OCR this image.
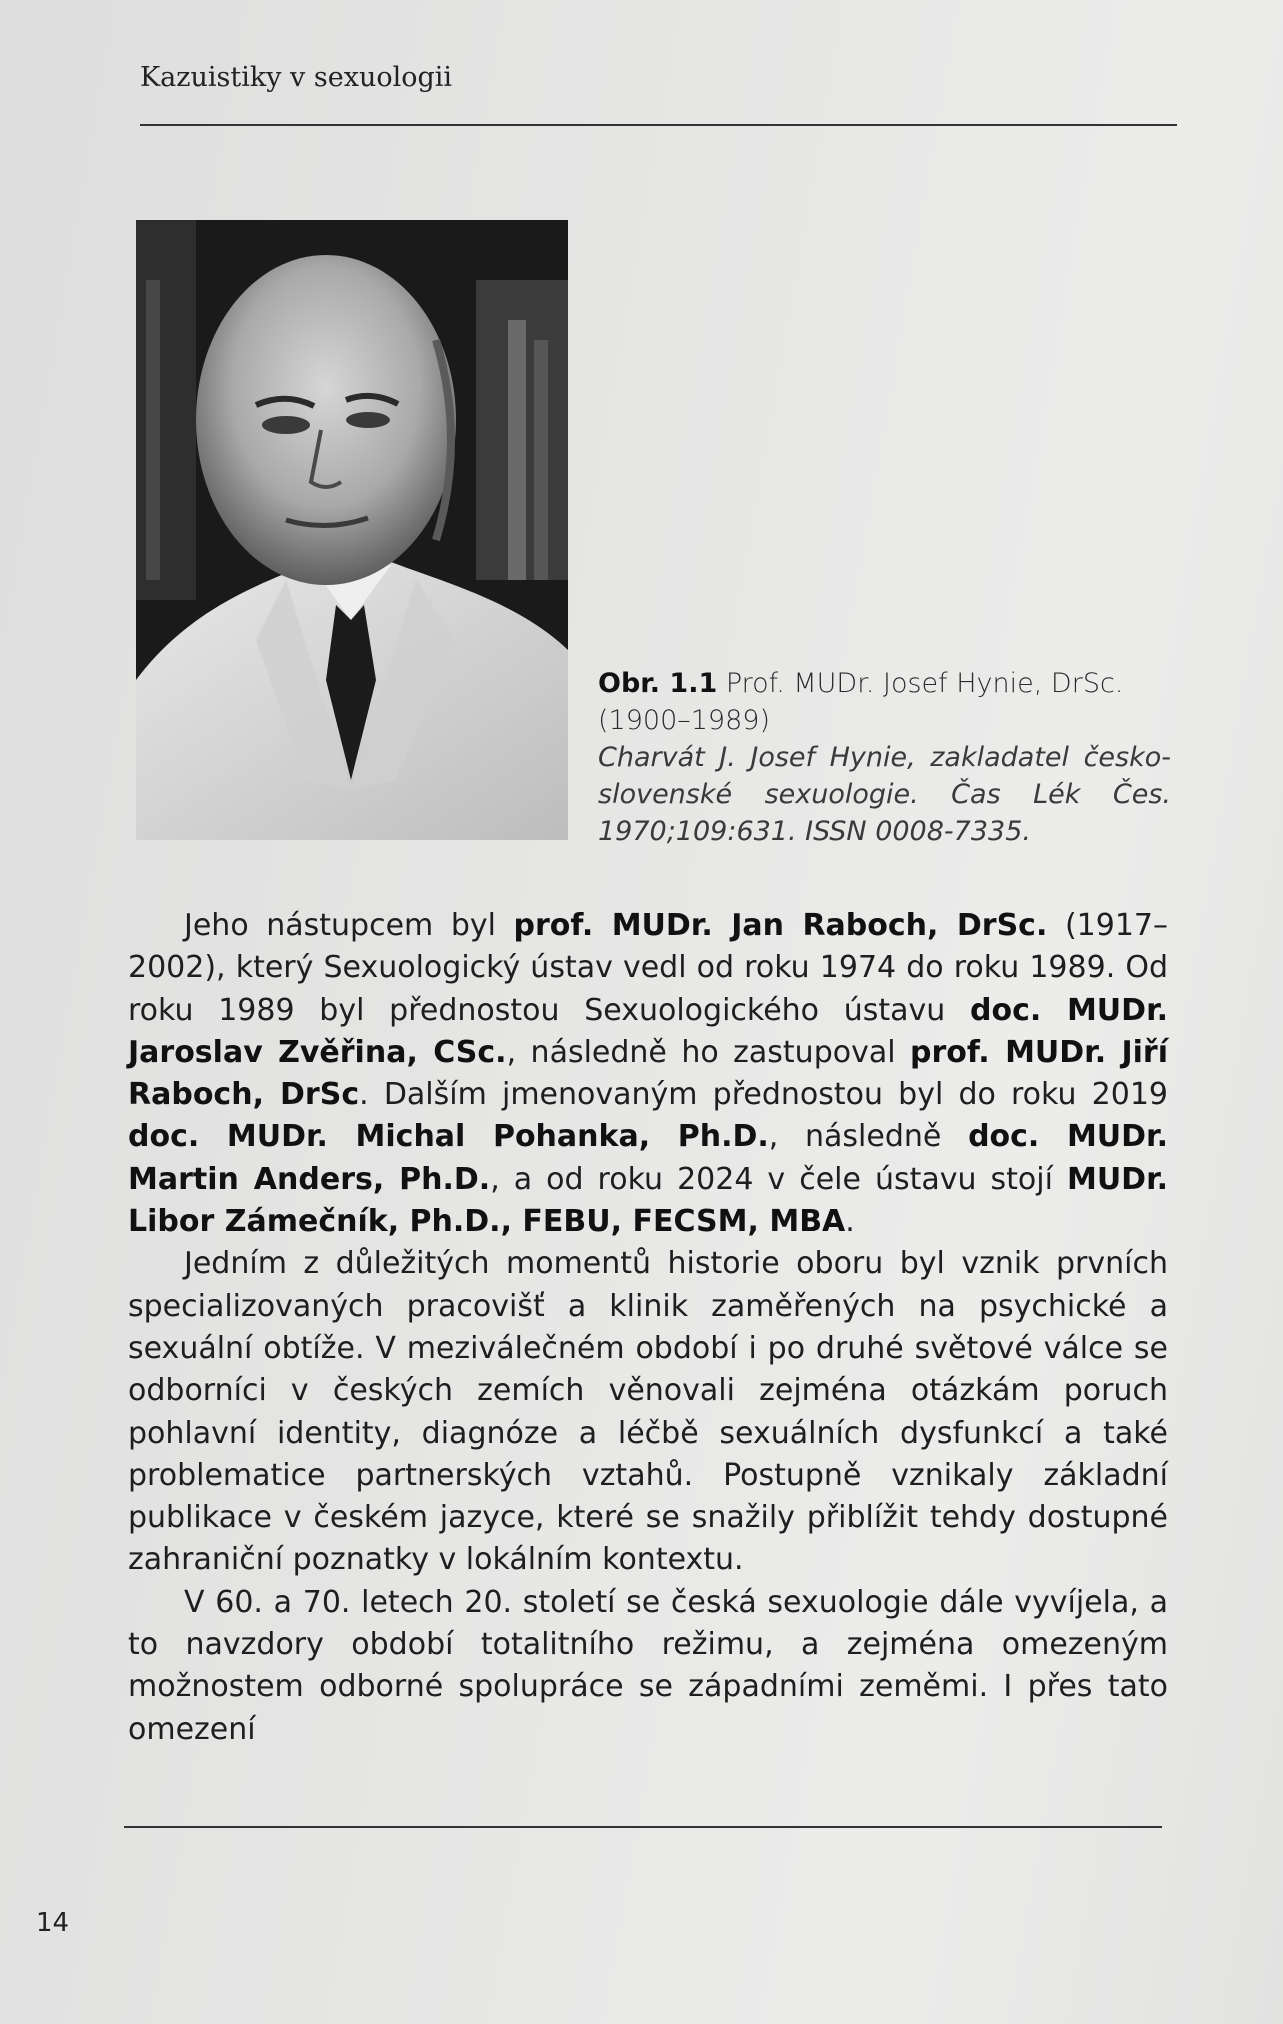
Kazuistiky v sexuologii
Obr. 1.1 Prof. MUDr. Josef Hynie, DrSc. (1900–1989)
Charvát J. Josef Hynie, zakladatel česko-slovenské sexuologie. Čas Lék Čes. 1970;109:631. ISSN 0008-7335.

Jeho nástupcem byl prof. MUDr. Jan Raboch, DrSc. (1917–2002), který Sexuologický ústav vedl od roku 1974 do roku 1989. Od roku 1989 byl přednostou Sexuologického ústavu doc. MUDr. Jaroslav Zvěřina, CSc., následně ho zastupoval prof. MUDr. Jiří Raboch, DrSc. Dalším jmenovaným přednostou byl do roku 2019 doc. MUDr. Michal Pohanka, Ph.D., následně doc. MUDr. Martin Anders, Ph.D., a od roku 2024 v čele ústavu stojí MUDr. Libor Zámečník, Ph.D., FEBU, FECSM, MBA.

Jedním z důležitých momentů historie oboru byl vznik prvních specializovaných pracovišť a klinik zaměřených na psychické a sexuální obtíže. V meziválečném období i po druhé světové válce se odborníci v českých zemích věnovali zejména otázkám poruch pohlavní identity, diagnóze a léčbě sexuálních dysfunkcí a také problematice partnerských vztahů. Postupně vznikaly základní publikace v českém jazyce, které se snažily přiblížit tehdy dostupné zahraniční poznatky v lokálním kontextu.

V 60. a 70. letech 20. století se česká sexuologie dále vyvíjela, a to navzdory období totalitního režimu, a zejména omezeným možnostem odborné spolupráce se západními zeměmi. I přes tato omezení

14
